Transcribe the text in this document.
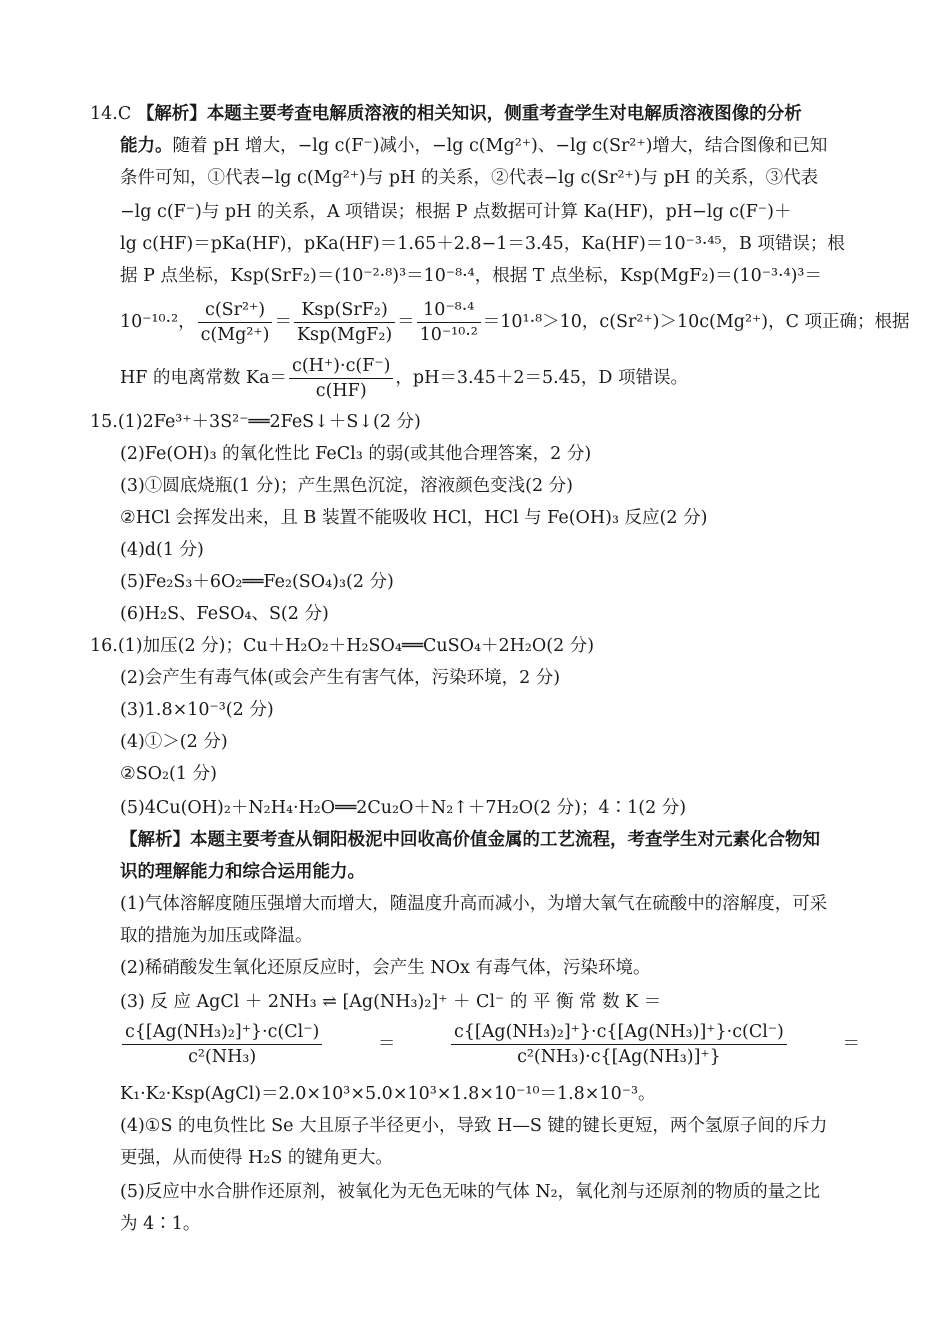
14.C 【解析】本题主要考查电解质溶液的相关知识，侧重考查学生对电解质溶液图像的分析
能力。随着 pH 增大，−lg c(F⁻)减小，−lg c(Mg²⁺)、−lg c(Sr²⁺)增大，结合图像和已知
条件可知，①代表−lg c(Mg²⁺)与 pH 的关系，②代表−lg c(Sr²⁺)与 pH 的关系，③代表
−lg c(F⁻)与 pH 的关系，A 项错误；根据 P 点数据可计算 Ka(HF)，pH−lg c(F⁻)＋
lg c(HF)＝pKa(HF)，pKa(HF)＝1.65＋2.8−1＝3.45，Ka(HF)＝10⁻³·⁴⁵，B 项错误；根
据 P 点坐标，Ksp(SrF₂)＝(10⁻²·⁸)³＝10⁻⁸·⁴，根据 T 点坐标，Ksp(MgF₂)＝(10⁻³·⁴)³＝
10⁻¹⁰·²， $\frac{\text{c(Sr²⁺)}}{\text{c(Mg²⁺)}} = \frac{\text{Ksp(SrF₂)}}{\text{Ksp(MgF₂)}} = \frac{\text{10⁻⁸·⁴}}{\text{10⁻¹⁰·²}} =10^1\cdot^8>10$，c(Sr²⁺)＞10c(Mg²⁺)，C 项正确；根据
HF 的电离常数 $Ka= \frac{c(H^+)\cdot c(F^-)}{c(HF)}$ ，pH＝3.45＋2＝5.45，D 项错误。
15.(1)2Fe³⁺＋3S²⁻══2FeS↓＋S↓(2 分)
(2)Fe(OH)₃ 的氧化性比 FeCl₃ 的弱(或其他合理答案，2 分)
(3)①圆底烧瓶(1 分)；产生黑色沉淀，溶液颜色变浅(2 分)
②HCl 会挥发出来，且 B 装置不能吸收 HCl，HCl 与 Fe(OH)₃ 反应(2 分)
(4)d(1 分)
(5)Fe₂S₃＋6O₂══Fe₂(SO₄)₃(2 分)
(6)H₂S、FeSO₄、S(2 分)
16.(1)加压(2 分)；Cu＋H₂O₂＋H₂SO₄══CuSO₄＋2H₂O(2 分)
(2)会产生有毒气体(或会产生有害气体，污染环境，2 分)
(3)1.8×10⁻³(2 分)
(4)①＞(2 分)
②SO₂(1 分)
(5)4Cu(OH)₂＋N₂H₄·H₂O══2Cu₂O＋N₂↑＋7H₂O(2 分)；4∶1(2 分)
【解析】本题主要考查从铜阳极泥中回收高价值金属的工艺流程，考查学生对元素化合物知
识的理解能力和综合运用能力。
(1)气体溶解度随压强增大而增大，随温度升高而减小，为增大氧气在硫酸中的溶解度，可采
取的措施为加压或降温。
(2)稀硝酸发生氧化还原反应时，会产生 NOx 有毒气体，污染环境。
(3) 反 应 AgCl ＋ 2NH₃ ⇌ [Ag(NH₃)₂]⁺ ＋ Cl⁻ 的 平 衡 常 数 K ＝
$\frac{\text{c\{[Ag(NH₃)₂]⁺\}·c(Cl⁻)}}{\text{c²(NH₃)}}$	＝	$\frac{\text{c\{[Ag(NH₃)₂]⁺\}·c\{[Ag(NH₃)]⁺\}·c(Cl⁻)}}{\text{c²(NH₃)·c\{[Ag(NH₃)]⁺\}}}$	＝
K₁·K₂·Ksp(AgCl)＝2.0×10³×5.0×10³×1.8×10⁻¹⁰＝1.8×10⁻³。
(4)①S 的电负性比 Se 大且原子半径更小，导致 H—S 键的键长更短，两个氢原子间的斥力
更强，从而使得 H₂S 的键角更大。
(5)反应中水合肼作还原剂，被氧化为无色无味的气体 N₂，氧化剂与还原剂的物质的量之比
为 4∶1。
